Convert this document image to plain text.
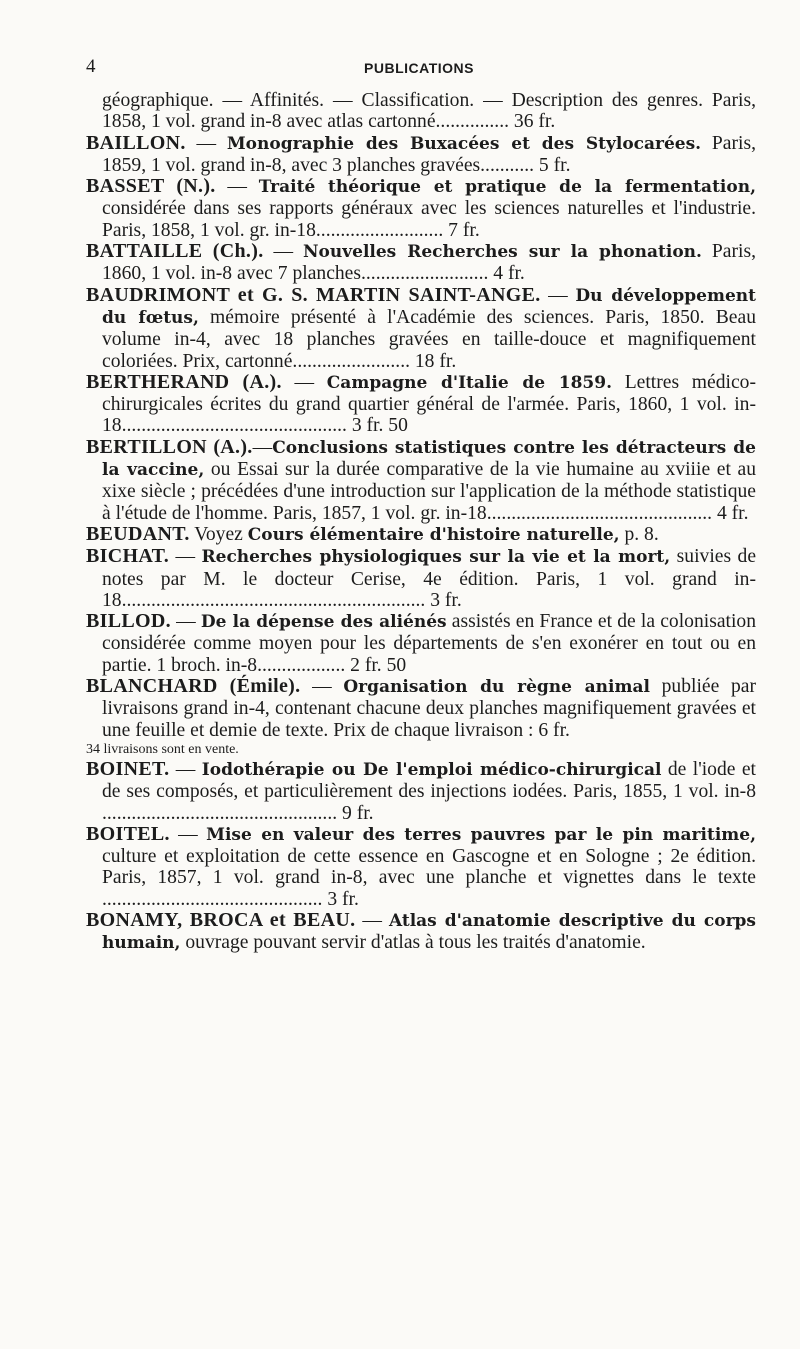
4	PUBLICATIONS
géographique. — Affinités. — Classification. — Description des genres. Paris, 1858, 1 vol. grand in-8 avec atlas cartonné............... 36 fr.
BAILLON. — Monographie des Buxacées et des Stylocarées. Paris, 1859, 1 vol. grand in-8, avec 3 planches gravées........... 5 fr.
BASSET (N.). — Traité théorique et pratique de la fermentation, considérée dans ses rapports généraux avec les sciences naturelles et l'industrie. Paris, 1858, 1 vol. gr. in-18.......................... 7 fr.
BATTAILLE (Ch.). — Nouvelles Recherches sur la phonation. Paris, 1860, 1 vol. in-8 avec 7 planches.......................... 4 fr.
BAUDRIMONT et G. S. MARTIN SAINT-ANGE. — Du développement du fœtus, mémoire présenté à l'Académie des sciences. Paris, 1850. Beau volume in-4, avec 18 planches gravées en taille-douce et magnifiquement coloriées. Prix, cartonné........................ 18 fr.
BERTHERAND (A.). — Campagne d'Italie de 1859. Lettres médico-chirurgicales écrites du grand quartier général de l'armée. Paris, 1860, 1 vol. in-18.............................................. 3 fr. 50
BERTILLON (A.).—Conclusions statistiques contre les détracteurs de la vaccine, ou Essai sur la durée comparative de la vie humaine au xviiie et au xixe siècle ; précédées d'une introduction sur l'application de la méthode statistique à l'étude de l'homme. Paris, 1857, 1 vol. gr. in-18.............................................. 4 fr.
BEUDANT. Voyez Cours élémentaire d'histoire naturelle, p. 8.
BICHAT. — Recherches physiologiques sur la vie et la mort, suivies de notes par M. le docteur Cerise, 4e édition. Paris, 1 vol. grand in-18.............................................................. 3 fr.
BILLOD. — De la dépense des aliénés assistés en France et de la colonisation considérée comme moyen pour les départements de s'en exonérer en tout ou en partie. 1 broch. in-8.................. 2 fr. 50
BLANCHARD (Émile). — Organisation du règne animal publiée par livraisons grand in-4, contenant chacune deux planches magnifiquement gravées et une feuille et demie de texte. Prix de chaque livraison : 6 fr.
34 livraisons sont en vente.
BOINET. — Iodothérapie ou De l'emploi médico-chirurgical de l'iode et de ses composés, et particulièrement des injections iodées. Paris, 1855, 1 vol. in-8 ................................................ 9 fr.
BOITEL. — Mise en valeur des terres pauvres par le pin maritime, culture et exploitation de cette essence en Gascogne et en Sologne ; 2e édition. Paris, 1857, 1 vol. grand in-8, avec une planche et vignettes dans le texte ............................................. 3 fr.
BONAMY, BROCA et BEAU. — Atlas d'anatomie descriptive du corps humain, ouvrage pouvant servir d'atlas à tous les traités d'anatomie.
